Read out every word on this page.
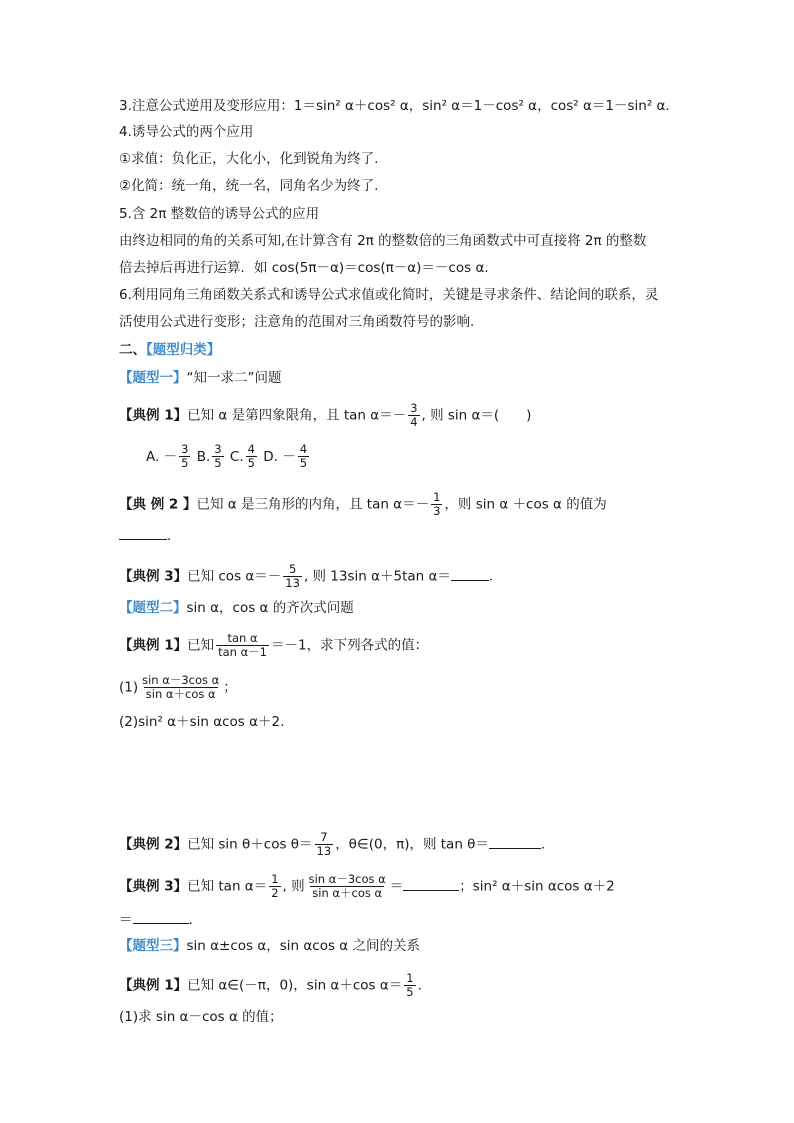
3.注意公式逆用及变形应用：1＝sin² α＋cos² α，sin² α＝1－cos² α，cos² α＝1－sin² α.
4.诱导公式的两个应用
①求值：负化正，大化小，化到锐角为终了.
②化简：统一角，统一名，同角名少为终了.
5.含 2π 整数倍的诱导公式的应用
由终边相同的角的关系可知,在计算含有 2π 的整数倍的三角函数式中可直接将 2π 的整数
倍去掉后再进行运算．如 cos(5π－α)＝cos(π－α)＝－cos α.
6.利用同角三角函数关系式和诱导公式求值或化简时，关键是寻求条件、结论间的联系，灵
活使用公式进行变形；注意角的范围对三角函数符号的影响.
二、【题型归类】
【题型一】“知一求二”问题
【典例 1】已知 α 是第四象限角，且 $\tan \alpha=- \frac{3}{4}$ , 则 sin α＝(　　)
A. － $\frac{3}{5} B$. $\frac{3}{5} C$. $\frac{4}{5} D$. － $\frac{4}{5}$
【典 例 2 】已知 α 是三角形的内角，且 $\tan \alpha=- \frac{1}{3}$ ，则 sin α ＋cos α 的值为
.
【典例 3】已知 $\cos \alpha=- \frac{5}{13}$ , 则 13sin α＋5tan α＝	.
【题型二】sin α，cos α 的齐次式问题
【典例 1】已知 $\frac{\text{tan α}}{\text{tan α－1}} =-1$，求下列各式的值：
$(1) \frac{\text{sin α－3cos α}}{\text{sin α＋cos α}}$ ；
(2)sin² α＋sin αcos α＋2.
【典例 2】已知 sin θ＋cos $\theta= \frac{7}{13}$ ，θ∈(0，π)，则 tan θ＝	.
【典例 3】已知 $\tan \alpha= \frac{1}{2}$ , 则 $\frac{\text{sin α－3cos α}}{\text{sin α＋cos α}}$ ＝	；sin² α＋sin αcos α＋2
＝	.
【题型三】sin α±cos α，sin αcos α 之间的关系
【典例 1】已知 α∈(－π，0)，sin α＋cos $\alpha= \frac{1}{5}$ .
(1)求 sin α－cos α 的值；
